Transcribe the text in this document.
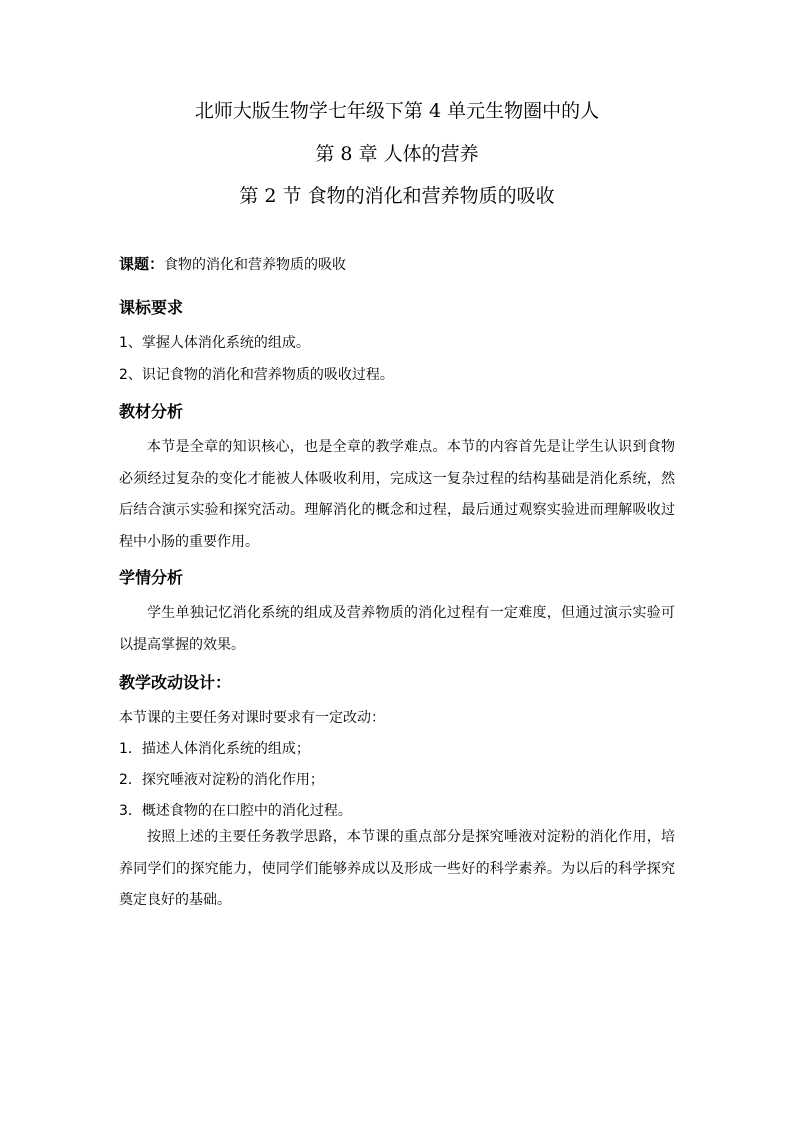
北师大版生物学七年级下第 4 单元生物圈中的人
第 8 章 人体的营养
第 2 节 食物的消化和营养物质的吸收

课题：食物的消化和营养物质的吸收

课标要求

1、掌握人体消化系统的组成。

2、识记食物的消化和营养物质的吸收过程。

教材分析

本节是全章的知识核心，也是全章的教学难点。本节的内容首先是让学生认识到食物必须经过复杂的变化才能被人体吸收利用，完成这一复杂过程的结构基础是消化系统，然后结合演示实验和探究活动。理解消化的概念和过程，最后通过观察实验进而理解吸收过程中小肠的重要作用。

学情分析

学生单独记忆消化系统的组成及营养物质的消化过程有一定难度，但通过演示实验可以提高掌握的效果。

教学改动设计：

本节课的主要任务对课时要求有一定改动：

1．描述人体消化系统的组成；

2．探究唾液对淀粉的消化作用；

3．概述食物的在口腔中的消化过程。

按照上述的主要任务教学思路，本节课的重点部分是探究唾液对淀粉的消化作用，培养同学们的探究能力，使同学们能够养成以及形成一些好的科学素养。为以后的科学探究奠定良好的基础。
